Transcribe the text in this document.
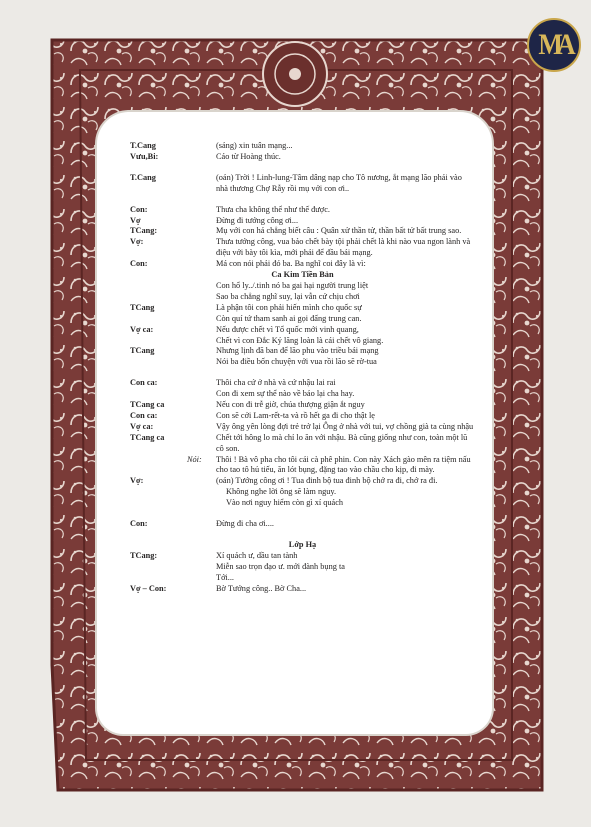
MA
T.Cang	(sảng) xin tuân mạng...
Vưu,Bi:	Cáo từ Hoàng thúc.
T.Cang	(oán) Trời ! Linh-lung-Tâm dâng nạp cho Tô nương, ắt mạng lão phải vào nhà thương Chợ Rẫy rồi mụ với con ơi..
Con:	Thưa cha không thể như thế được.
Vợ	Đừng đi tướng công ơi...
TCang:	Mụ với con há chẳng biết câu : Quân xử thần tử, thần bất tử bất trung sao.
Vợ:	Thưa tướng công, vua bảo chết bày tội phải chết là khi nào vua ngon lành và điệu với bày tôi kìa, mới phải để đầu bái mạng.
Con:	Má con nói phải đó ba. Ba nghĩ coi đây là vì:
Ca Kim Tiền Bản
Con hổ ly../.tinh nó ba gai hại người trung liệt
Sao ba chẳng nghĩ suy, lại vẫn cứ chịu chơi
TCang	Là phận tôi con phải hiến mình cho quốc sự
Còn quí tứ tham sanh ai gọi đấng trung can.
Vợ ca:	Nếu được chết vì Tổ quốc mới vinh quang,
Chết vì con Đắc Kỷ lăng loàn là cái chết vô giang.
TCang	Nhưng lịnh đã ban để lão phu vào triều bái mạng
Nói ba điều bốn chuyện với vua rồi lão sẽ rờ-tua
Con ca:	Thôi cha cứ ở nhà và cứ nhậu lai rai
Con đi xem sự thể nào về báo lại cha hay.
TCang ca	Nếu con đi trễ giờ, chúa thượng giận ắt nguy
Con ca:	Con sẽ cởi Lam-rết-ta và rồ hết ga đi cho thật lẹ
Vợ ca:	Vậy ông yên lòng đợi trẻ trở lại Ông ở nhà với tui, vợ chồng già ta cùng nhậu
TCang ca	Chết tới hông lo mà chỉ lo ăn với nhậu. Bà cũng giống như con, toàn một lũ cô son.
Nói: Thôi ! Bà vô pha cho tôi cái cà phê phin. Con này Xách gào mên ra tiệm nấu cho tao tô hủ tiếu, ăn lót bụng, đặng tao vào chầu cho kịp, đi mày.
Vợ:	(oán) Tướng công ơi ! Tua đinh bộ tua đinh bộ chớ ra đi, chớ ra đi.
Không nghe lời ông sẽ làm nguy.
Vào nơi nguy hiểm còn gì xí quách
Con:	Đừng đi cha ơi....
Lớp Hạ
TCang:	Xí quách ư, dầu tan tành
Miễn sao trọn đạo ư. mới đành bụng ta
Tới...
Vợ – Con:	Bờ Tướng công.. Bờ Cha...
